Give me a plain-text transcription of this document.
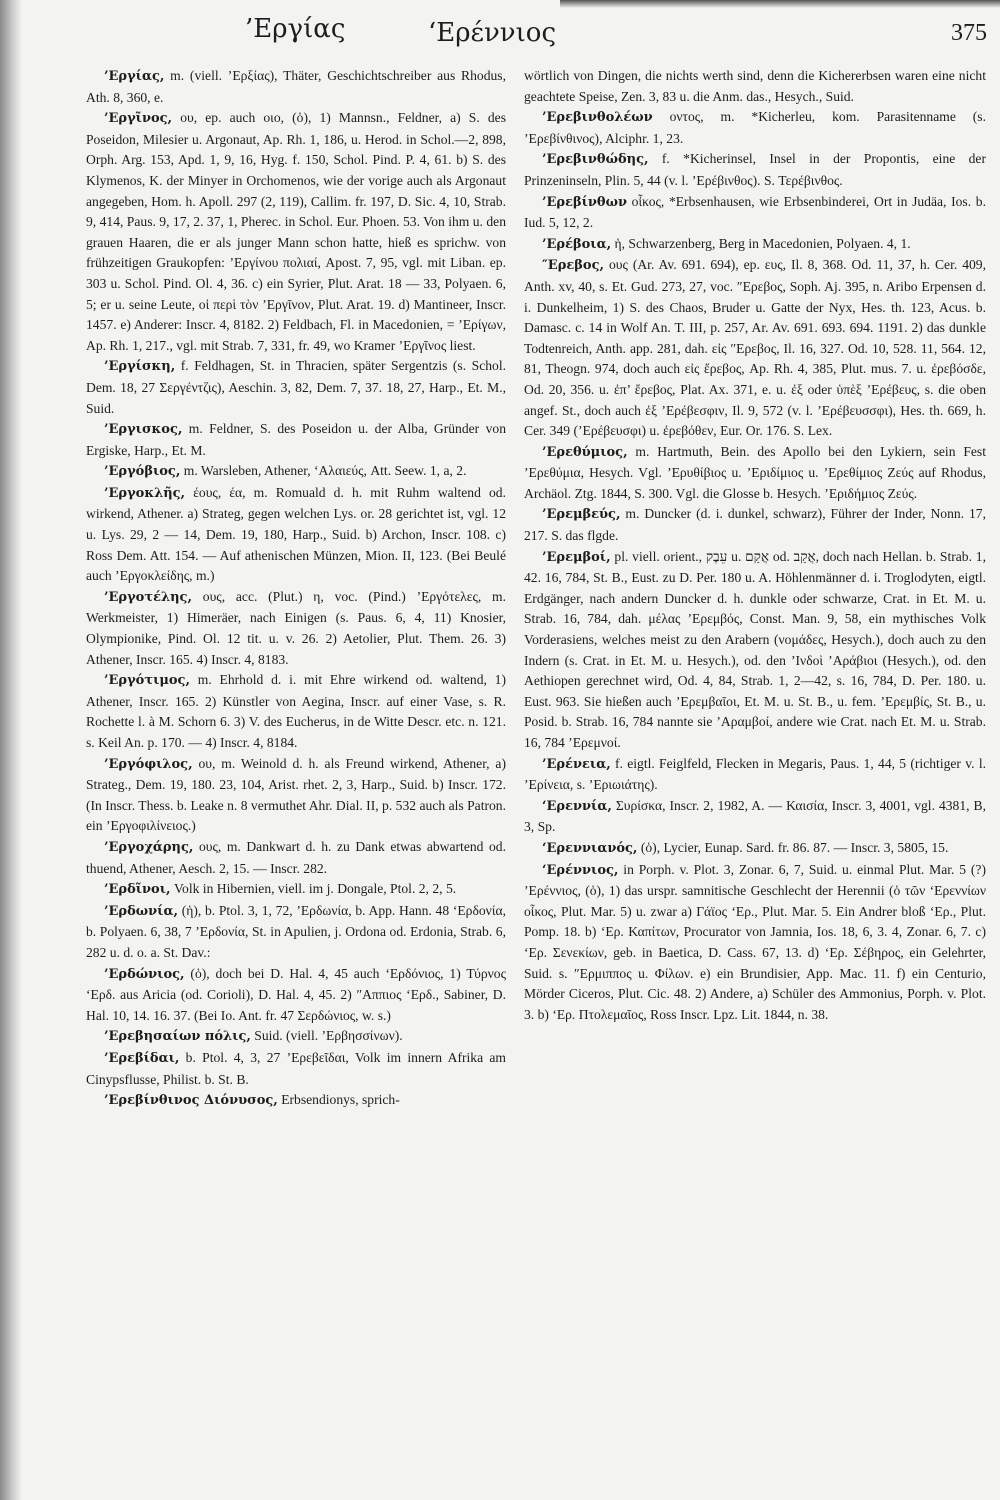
’Εργίας	‘Ερέννιος	375

’Εργίας, m. (viell. ’Ερξίας), Thäter, Geschichtschreiber aus Rhodus, Ath. 8, 360, e.

’Εργῖνος, ου, ep. auch οιο, (ὁ), 1) Mannsn., Feldner, a) S. des Poseidon, Milesier u. Argonaut, Ap. Rh. 1, 186, u. Herod. in Schol.—2, 898, Orph. Arg. 153, Apd. 1, 9, 16, Hyg. f. 150, Schol. Pind. P. 4, 61. b) S. des Klymenos, K. der Minyer in Orchomenos, wie der vorige auch als Argonaut angegeben, Hom. h. Apoll. 297 (2, 119), Callim. fr. 197, D. Sic. 4, 10, Strab. 9, 414, Paus. 9, 17, 2. 37, 1, Pherec. in Schol. Eur. Phoen. 53. Von ihm u. den grauen Haaren, die er als junger Mann schon hatte, hieß es sprichw. von frühzeitigen Graukopfen: ’Εργίνου πολιαί, Apost. 7, 95, vgl. mit Liban. ep. 303 u. Schol. Pind. Ol. 4, 36. c) ein Syrier, Plut. Arat. 18 — 33, Polyaen. 6, 5; er u. seine Leute, οἱ περὶ τὸν ’Εργῖνον, Plut. Arat. 19. d) Mantineer, Inscr. 1457. e) Anderer: Inscr. 4, 8182. 2) Feldbach, Fl. in Macedonien, = ’Ερίγων, Ap. Rh. 1, 217., vgl. mit Strab. 7, 331, fr. 49, wo Kramer ’Εργῖνος liest.

’Εργίσκη, f. Feldhagen, St. in Thracien, später Sergentzis (s. Schol. Dem. 18, 27 Σεργέντζις), Aeschin. 3, 82, Dem. 7, 37. 18, 27, Harp., Et. M., Suid.

’Εργισκος, m. Feldner, S. des Poseidon u. der Alba, Gründer von Ergiske, Harp., Et. M.

’Εργόβιος, m. Warsleben, Athener, ‘Αλαιεύς, Att. Seew. 1, a, 2.

’Εργοκλῆς, έους, έα, m. Romuald d. h. mit Ruhm waltend od. wirkend, Athener. a) Strateg, gegen welchen Lys. or. 28 gerichtet ist, vgl. 12 u. Lys. 29, 2 — 14, Dem. 19, 180, Harp., Suid. b) Archon, Inscr. 108. c) Ross Dem. Att. 154. — Auf athenischen Münzen, Mion. II, 123. (Bei Beulé auch ’Εργοκλείδης, m.)

’Εργοτέλης, ους, acc. (Plut.) η, voc. (Pind.) ’Εργότελες, m. Werkmeister, 1) Himeräer, nach Einigen (s. Paus. 6, 4, 11) Knosier, Olympionike, Pind. Ol. 12 tit. u. v. 26. 2) Aetolier, Plut. Them. 26. 3) Athener, Inscr. 165. 4) Inscr. 4, 8183.

’Εργότιμος, m. Ehrhold d. i. mit Ehre wirkend od. waltend, 1) Athener, Inscr. 165. 2) Künstler von Aegina, Inscr. auf einer Vase, s. R. Rochette l. à M. Schorn 6. 3) V. des Eucherus, in de Witte Descr. etc. n. 121. s. Keil An. p. 170. — 4) Inscr. 4, 8184.

’Εργόφιλος, ου, m. Weinold d. h. als Freund wirkend, Athener, a) Strateg., Dem. 19, 180. 23, 104, Arist. rhet. 2, 3, Harp., Suid. b) Inscr. 172. (In Inscr. Thess. b. Leake n. 8 vermuthet Ahr. Dial. II, p. 532 auch als Patron. ein ’Εργοφιλίνειος.)

’Εργοχάρης, ους, m. Dankwart d. h. zu Dank etwas abwartend od. thuend, Athener, Aesch. 2, 15. — Inscr. 282.

’Ερδῖνοι, Volk in Hibernien, viell. im j. Dongale, Ptol. 2, 2, 5.

’Ερδωνία, (ἡ), b. Ptol. 3, 1, 72, ’Ερδωνία, b. App. Hann. 48 ‘Ερδονία, b. Polyaen. 6, 38, 7 ’Ερδονία, St. in Apulien, j. Ordona od. Erdonia, Strab. 6, 282 u. d. o. a. St. Dav.:

’Ερδώνιος, (ὁ), doch bei D. Hal. 4, 45 auch ‘Ερδόνιος, 1) Τύρνος ‘Ερδ. aus Aricia (od. Corioli), D. Hal. 4, 45. 2) ″Αππιος ‘Ερδ., Sabiner, D. Hal. 10, 14. 16. 37. (Bei Io. Ant. fr. 47 Σερδώνιος, w. s.)

’Ερεβησαίων πόλις, Suid. (viell. ’Ερβησσίνων).

’Ερεβίδαι, b. Ptol. 4, 3, 27 ’Ερεβεῖδαι, Volk im innern Afrika am Cinypsflusse, Philist. b. St. B.

’Ερεβίνθινος Διόνυσος, Erbsendionys, sprich-

wörtlich von Dingen, die nichts werth sind, denn die Kichererbsen waren eine nicht geachtete Speise, Zen. 3, 83 u. die Anm. das., Hesych., Suid.

’Ερεβινθολέων οντος, m. *Kicherleu, kom. Parasitenname (s. ’Ερεβίνθινος), Alciphr. 1, 23.

’Ερεβινθώδης, f. *Kicherinsel, Insel in der Propontis, eine der Prinzeninseln, Plin. 5, 44 (v. l. ’Ερέβινθος). S. Τερέβινθος.

’Ερεβίνθων οἶκος, *Erbsenhausen, wie Erbsenbinderei, Ort in Judäa, Ios. b. Iud. 5, 12, 2.

’Ερέβοια, ἡ, Schwarzenberg, Berg in Macedonien, Polyaen. 4, 1.

″Ερεβος, ους (Ar. Av. 691. 694), ep. ευς, Il. 8, 368. Od. 11, 37, h. Cer. 409, Anth. xv, 40, s. Et. Gud. 273, 27, voc. ″Ερεβος, Soph. Aj. 395, n. Aribo Erpensen d. i. Dunkelheim, 1) S. des Chaos, Bruder u. Gatte der Nyx, Hes. th. 123, Acus. b. Damasc. c. 14 in Wolf An. T. III, p. 257, Ar. Av. 691. 693. 694. 1191. 2) das dunkle Todtenreich, Anth. app. 281, dah. εἰς ″Ερεβος, Il. 16, 327. Od. 10, 528. 11, 564. 12, 81, Theogn. 974, doch auch εἰς ἔρεβος, Ap. Rh. 4, 385, Plut. mus. 7. u. ἐρεβόσδε, Od. 20, 356. u. ἐπ’ ἔρεβος, Plat. Ax. 371, e. u. ἐξ oder ὑπὲξ ’Ερέβευς, s. die oben angef. St., doch auch ἐξ ’Ερέβεσφιν, Il. 9, 572 (v. l. ’Ερέβευσσφι), Hes. th. 669, h. Cer. 349 (’Ερέβευσφι) u. ἐρεβόθεν, Eur. Or. 176. S. Lex.

’Ερεθύμιος, m. Hartmuth, Bein. des Apollo bei den Lykiern, sein Fest ’Ερεθύμια, Hesych. Vgl. ’Ερυθίβιος u. ’Εριδίμιος u. ’Ερεθίμιος Ζεύς auf Rhodus, Archäol. Ztg. 1844, S. 300. Vgl. die Glosse b. Hesych. ’Εριδήμιος Ζεύς.

’Ερεμβεύς, m. Duncker (d. i. dunkel, schwarz), Führer der Inder, Nonn. 17, 217. S. das flgde.

’Ερεμβοί, pl. viell. orient., עֵבֶק u. אֲקַם od. אֲקַב, doch nach Hellan. b. Strab. 1, 42. 16, 784, St. B., Eust. zu D. Per. 180 u. A. Höhlenmänner d. i. Troglodyten, eigtl. Erdgänger, nach andern Duncker d. h. dunkle oder schwarze, Crat. in Et. M. u. Strab. 16, 784, dah. μέλας ’Ερεμβός, Const. Man. 9, 58, ein mythisches Volk Vorderasiens, welches meist zu den Arabern (νομάδες, Hesych.), doch auch zu den Indern (s. Crat. in Et. M. u. Hesych.), od. den ’Ινδοὶ ’Αράβιοι (Hesych.), od. den Aethiopen gerechnet wird, Od. 4, 84, Strab. 1, 2—42, s. 16, 784, D. Per. 180. u. Eust. 963. Sie hießen auch ’Ερεμβαῖοι, Et. M. u. St. B., u. fem. ’Ερεμβίς, St. B., u. Posid. b. Strab. 16, 784 nannte sie ’Αραμβοί, andere wie Crat. nach Et. M. u. Strab. 16, 784 ’Ερεμνοί.

’Ερένεια, f. eigtl. Feiglfeld, Flecken in Megaris, Paus. 1, 44, 5 (richtiger v. l. ’Ερίνεια, s. ’Εριωιάτης).

‘Ερεννία, Συρίσκα, Inscr. 2, 1982, A. — Καισία, Inscr. 3, 4001, vgl. 4381, B, 3, Sp.

‘Ερεννιανός, (ὁ), Lycier, Eunap. Sard. fr. 86. 87. — Inscr. 3, 5805, 15.

‘Ερέννιος, in Porph. v. Plot. 3, Zonar. 6, 7, Suid. u. einmal Plut. Mar. 5 (?) ’Ερέννιος, (ὁ), 1) das urspr. samnitische Geschlecht der Herennii (ὁ τῶν ‘Ερεννίων οἶκος, Plut. Mar. 5) u. zwar a) Γάϊος ‘Ερ., Plut. Mar. 5. Ein Andrer bloß ‘Ερ., Plut. Pomp. 18. b) ‘Ερ. Καπίτων, Procurator von Jamnia, Ios. 18, 6, 3. 4, Zonar. 6, 7. c) ‘Ερ. Σενεκίων, geb. in Baetica, D. Cass. 67, 13. d) ‘Ερ. Σέβηρος, ein Gelehrter, Suid. s. ″Ερμιππος u. Φίλων. e) ein Brundisier, App. Mac. 11. f) ein Centurio, Mörder Ciceros, Plut. Cic. 48. 2) Andere, a) Schüler des Ammonius, Porph. v. Plot. 3. b) ‘Ερ. Πτολεμαῖος, Ross Inscr. Lpz. Lit. 1844, n. 38.
